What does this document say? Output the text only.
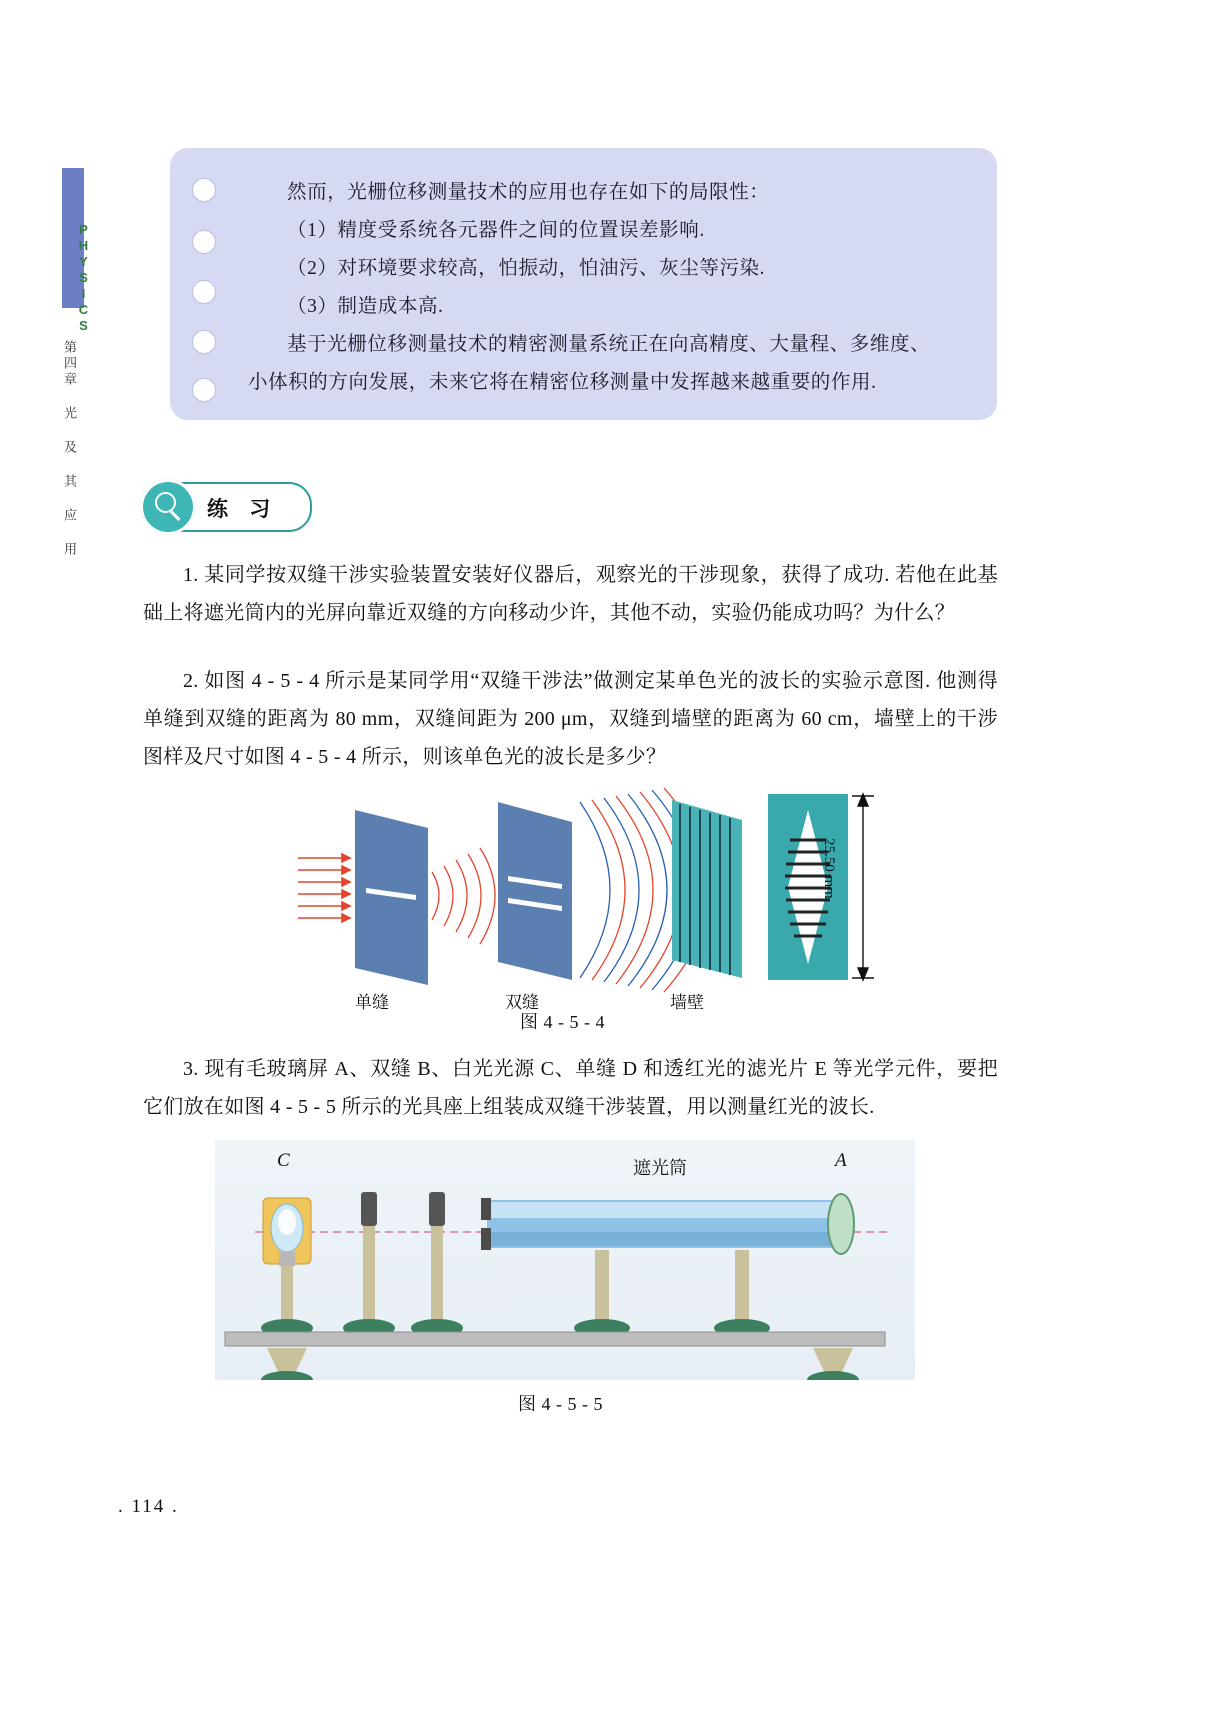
PHYSICS
第四章 光 及 其 应 用
然而，光栅位移测量技术的应用也存在如下的局限性：
（1）精度受系统各元器件之间的位置误差影响.
（2）对环境要求较高，怕振动，怕油污、灰尘等污染.
（3）制造成本高.
基于光栅位移测量技术的精密测量系统正在向高精度、大量程、多维度、
小体积的方向发展，未来它将在精密位移测量中发挥越来越重要的作用.
练 习
1. 某同学按双缝干涉实验装置安装好仪器后，观察光的干涉现象，获得了成功. 若他在此基础上将遮光筒内的光屏向靠近双缝的方向移动少许，其他不动，实验仍能成功吗？为什么？
2. 如图 4 - 5 - 4 所示是某同学用“双缝干涉法”做测定某单色光的波长的实验示意图. 他测得单缝到双缝的距离为 80 mm，双缝间距为 200 μm，双缝到墙壁的距离为 60 cm，墙壁上的干涉图样及尺寸如图 4 - 5 - 4 所示，则该单色光的波长是多少？
单缝	双缝	墙壁
25.50 mm
图 4 - 5 - 4
3. 现有毛玻璃屏 A、双缝 B、白光光源 C、单缝 D 和透红光的滤光片 E 等光学元件，要把它们放在如图 4 - 5 - 5 所示的光具座上组装成双缝干涉装置，用以测量红光的波长.
C	遮光筒	A
图 4 - 5 - 5
. 114 .
